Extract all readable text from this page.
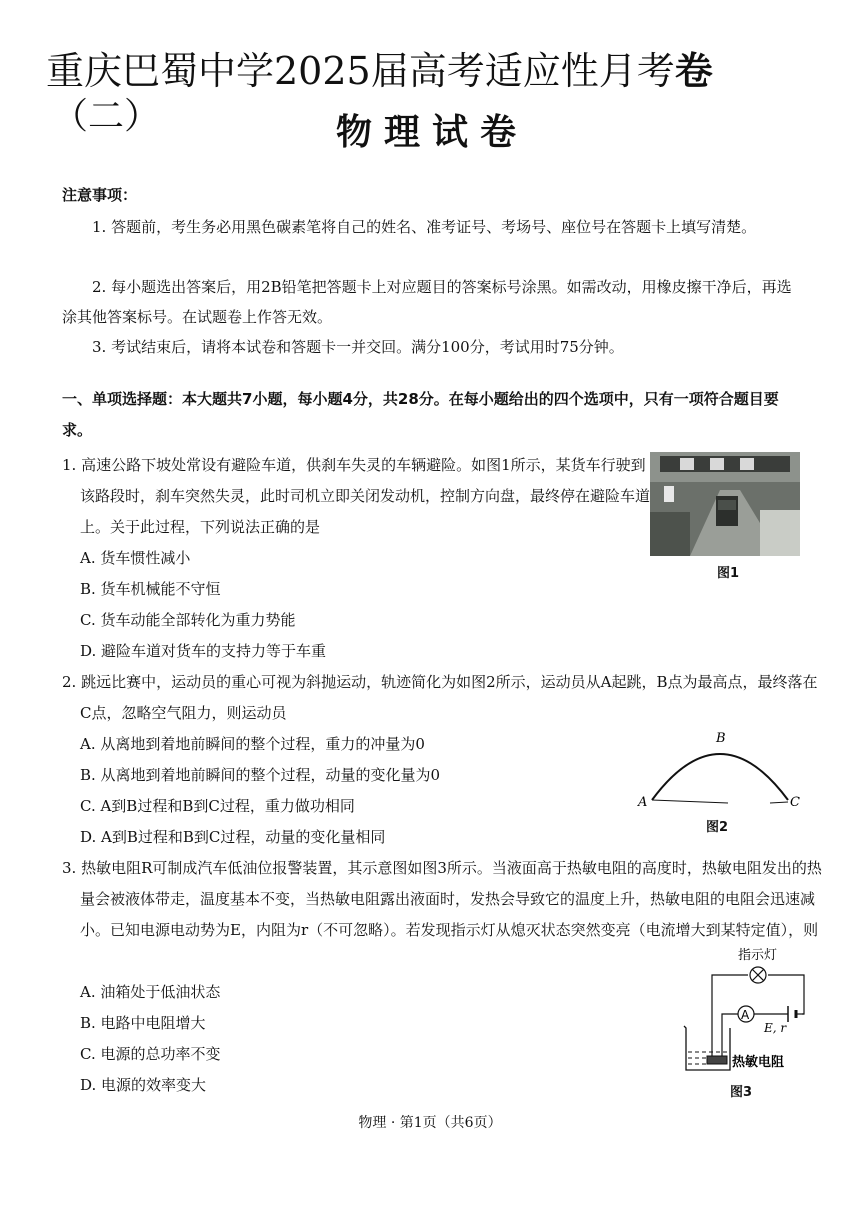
重庆巴蜀中学2025届高考适应性月考卷
（二）	物理试卷
注意事项：
1. 答题前，考生务必用黑色碳素笔将自己的姓名、准考证号、考场号、座位号在答题卡上填写清楚。
2. 每小题选出答案后，用2B铅笔把答题卡上对应题目的答案标号涂黑。如需改动，用橡皮擦干净后，再选涂其他答案标号。在试题卷上作答无效。
3. 考试结束后，请将本试卷和答题卡一并交回。满分100分，考试用时75分钟。
一、单项选择题：本大题共7小题，每小题4分，共28分。在每小题给出的四个选项中，只有一项符合题目要求。
1. 高速公路下坡处常设有避险车道，供刹车失灵的车辆避险。如图1所示，某货车行驶到该路段时，刹车突然失灵，此时司机立即关闭发动机，控制方向盘，最终停在避险车道上。关于此过程，下列说法正确的是
A. 货车惯性减小
B. 货车机械能不守恒
C. 货车动能全部转化为重力势能
D. 避险车道对货车的支持力等于车重
图1
2. 跳远比赛中，运动员的重心可视为斜抛运动，轨迹简化为如图2所示，运动员从A起跳，B点为最高点，最终落在C点，忽略空气阻力，则运动员
A. 从离地到着地前瞬间的整个过程，重力的冲量为0
B. 从离地到着地前瞬间的整个过程，动量的变化量为0
C. A到B过程和B到C过程，重力做功相同
D. A到B过程和B到C过程，动量的变化量相同
A
B
C
图2
3. 热敏电阻R可制成汽车低油位报警装置，其示意图如图3所示。当液面高于热敏电阻的高度时，热敏电阻发出的热量会被液体带走，温度基本不变，当热敏电阻露出液面时，发热会导致它的温度上升，热敏电阻的电阻会迅速减小。已知电源电动势为E，内阻为r（不可忽略）。若发现指示灯从熄灭状态突然变亮（电流增大到某特定值），则
A. 油箱处于低油状态
B. 电路中电阻增大
C. 电源的总功率不变
D. 电源的效率变大
指示灯
A
E, r
热敏电阻
图3
物理 · 第1页（共6页）
